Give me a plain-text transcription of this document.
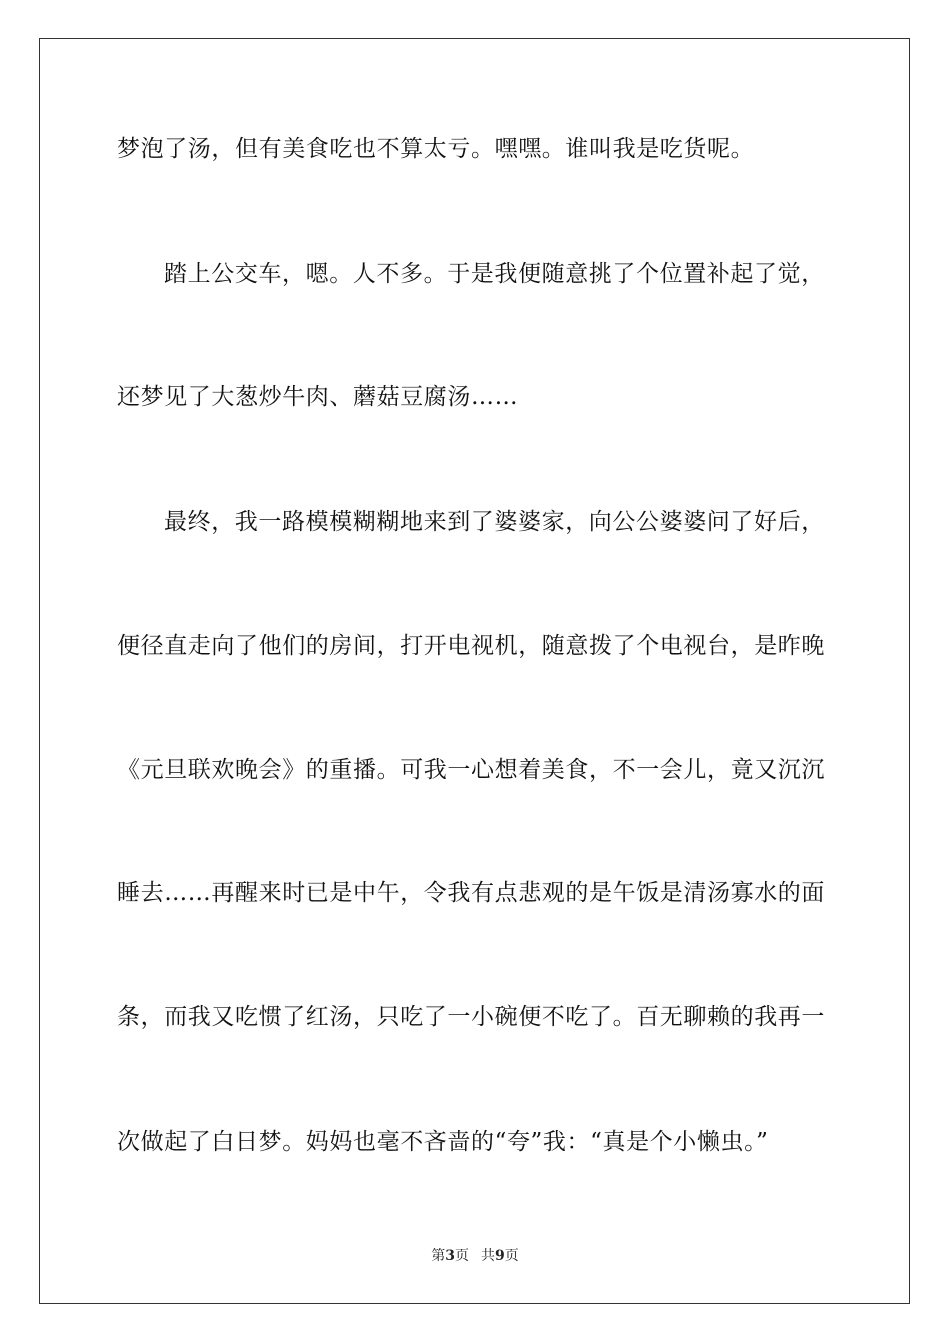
梦泡了汤，但有美食吃也不算太亏。嘿嘿。谁叫我是吃货呢。
踏上公交车，嗯。人不多。于是我便随意挑了个位置补起了觉，
还梦见了大葱炒牛肉、蘑菇豆腐汤……
最终，我一路模模糊糊地来到了婆婆家，向公公婆婆问了好后，
便径直走向了他们的房间，打开电视机，随意拨了个电视台，是昨晚
《元旦联欢晚会》的重播。可我一心想着美食，不一会儿，竟又沉沉
睡去……再醒来时已是中午，令我有点悲观的是午饭是清汤寡水的面
条，而我又吃惯了红汤，只吃了一小碗便不吃了。百无聊赖的我再一
次做起了白日梦。妈妈也毫不吝啬的“夸”我：“真是个小懒虫。”
第3页 共9页
